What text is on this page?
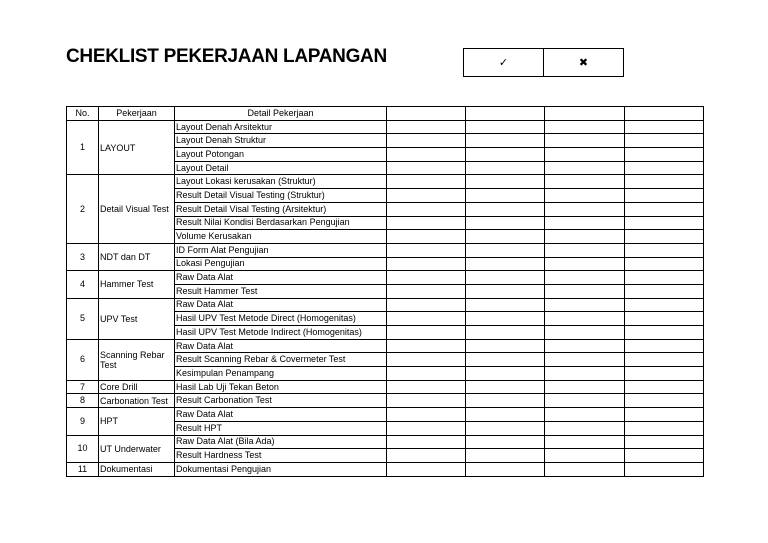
CHEKLIST PEKERJAAN LAPANGAN	✓	✖
No.	Pekerjaan	Detail Pekerjaan				
1	LAYOUT	Layout Denah Arsitektur				
		Layout Denah Struktur				
		Layout Potongan				
		Layout Detail				
2	Detail Visual Test	Layout Lokasi kerusakan (Struktur)				
		Result Detail Visual Testing (Struktur)				
		Result Detail Visal Testing (Arsitektur)				
		Result Nilai Kondisi Berdasarkan Pengujian				
		Volume Kerusakan				
3	NDT dan DT	ID Form Alat Pengujian				
		Lokasi Pengujian				
4	Hammer Test	Raw Data Alat				
		Result Hammer Test				
5	UPV Test	Raw Data Alat				
		Hasil UPV Test Metode Direct (Homogenitas)				
		Hasil UPV Test Metode Indirect (Homogenitas)				
6	Scanning Rebar Test	Raw Data Alat				
		Result Scanning Rebar & Covermeter Test				
		Kesimpulan Penampang				
7	Core Drill	Hasil Lab Uji Tekan Beton				
8	Carbonation Test	Result Carbonation Test				
9	HPT	Raw Data Alat				
		Result HPT				
10	UT Underwater	Raw Data Alat (Bila Ada)				
		Result Hardness Test				
11	Dokumentasi	Dokumentasi Pengujian				
